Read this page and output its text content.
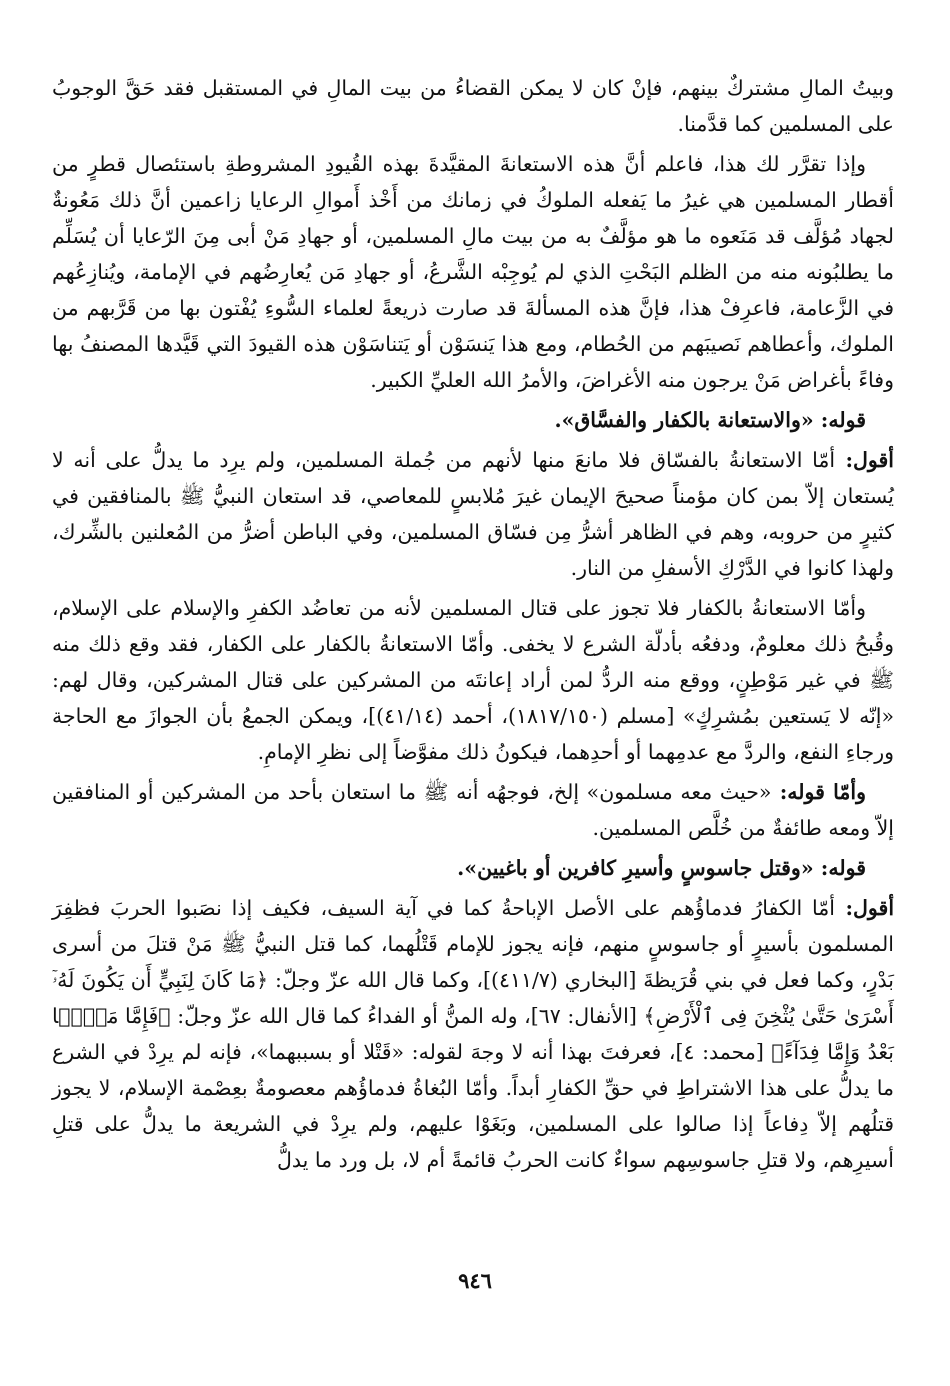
وبيتُ المالِ مشتركٌ بينهم، فإنْ كان لا يمكن القضاءُ من بيت المالِ في المستقبل فقد حَقَّ الوجوبُ على المسلمين كما قدَّمنا.

وإذا تقرَّر لك هذا، فاعلم أنَّ هذه الاستعانةَ المقيَّدةَ بهذه القُيودِ المشروطةِ باستئصال قطرٍ من أقطار المسلمين هي غيرُ ما يَفعله الملوكُ في زمانك من أَخْذ أَموالِ الرعايا زاعمين أنَّ ذلك مَعُونةٌ لجهاد مُؤلَّف قد مَنَعوه ما هو مؤلَّفٌ به من بيت مالِ المسلمين، أو جهادِ مَنْ أبى مِنَ الرّعايا أن يُسَلِّم ما يطلبُونه منه من الظلم البَحْتِ الذي لم يُوجِبْه الشَّرعُ، أو جهادِ مَن يُعارِضُهم في الإمامة، ويُنازِعُهم في الزَّعامة، فاعرِفْ هذا، فإنَّ هذه المسألةَ قد صارت ذريعةً لعلماء السُّوءِ يُفْتون بها من قَرَّبهم من الملوك، وأعطاهم نَصيبَهم من الحُطام، ومع هذا يَنسَوْن أو يَتناسَوْن هذه القيودَ التي قَيَّدها المصنفُ بها وفاءً بأغراض مَنْ يرجون منه الأغراضَ، والأمرُ الله العليِّ الكبير.

قوله: «والاستعانة بالكفار والفسَّاق».

أقول: أمّا الاستعانةُ بالفسّاق فلا مانعَ منها لأنهم من جُملة المسلمين، ولم يرِد ما يدلُّ على أنه لا يُستعان إلاّ بمن كان مؤمناً صحيحَ الإيمان غيرَ مُلابسٍ للمعاصي، قد استعان النبيُّ ﷺ بالمنافقين في كثيرٍ من حروبه، وهم في الظاهر أشرُّ مِن فسّاق المسلمين، وفي الباطن أضرُّ من المُعلنين بالشِّرك، ولهذا كانوا في الدَّرْكِ الأسفلِ من النار.

وأمّا الاستعانةُ بالكفار فلا تجوز على قتال المسلمين لأنه من تعاضُد الكفرِ والإسلام على الإسلام، وقُبحُ ذلك معلومٌ، ودفعُه بأدلّة الشرع لا يخفى. وأمّا الاستعانةُ بالكفار على الكفار، فقد وقع ذلك منه ﷺ في غير مَوْطِنٍ، ووقع منه الردُّ لمن أراد إعانتَه من المشركين على قتال المشركين، وقال لهم: «إنّه لا يَستعين بمُشرِكٍ» [مسلم (١٨١٧/١٥٠)، أحمد (٤١/١٤)]، ويمكن الجمعُ بأن الجوازَ مع الحاجة ورجاءِ النفع، والردَّ مع عدمِهما أو أحدِهما، فيكونُ ذلك مفوَّضاً إلى نظرِ الإمامِ.

وأمّا قوله: «حيث معه مسلمون» إلخ، فوجهُه أنه ﷺ ما استعان بأحد من المشركين أو المنافقين إلاّ ومعه طائفةٌ من خُلَّص المسلمين.

قوله: «وقتل جاسوسٍ وأسيرِ كافرين أو باغيين».

أقول: أمّا الكفارُ فدماؤُهم على الأصل الإباحةُ كما في آية السيف، فكيف إذا نصَبوا الحربَ فظفِرَ المسلمون بأسيرٍ أو جاسوسٍ منهم، فإنه يجوز للإمام قَتْلُهما، كما قتل النبيُّ ﷺ مَنْ قتلَ من أسرى بَدْرٍ، وكما فعل في بني قُرَيظةَ [البخاري (٤١١/٧)]، وكما قال الله عزّ وجلّ: ﴿مَا كَانَ لِنَبِيٍّ أَن يَكُونَ لَهُۥٓ أَسْرَىٰ حَتَّىٰ يُثْخِنَ فِى ٱلْأَرْضِ﴾ [الأنفال: ٦٧]، وله المنُّ أو الفداءُ كما قال الله عزّ وجلّ: ﴿فَإِمَّا مَنًّۢا بَعْدُ وَإِمَّا فِدَآءً﴾ [محمد: ٤]، فعرفتَ بهذا أنه لا وجهَ لقوله: «قَتْلا أو بسببهما»، فإنه لم يرِدْ في الشرع ما يدلُّ على هذا الاشتراطِ في حقِّ الكفارِ أبداً. وأمّا البُغاةُ فدماؤُهم معصومةٌ بعِصْمة الإسلام، لا يجوز قتلُهم إلاّ دِفاعاً إذا صالوا على المسلمين، وبَغَوْا عليهم، ولم يرِدْ في الشريعة ما يدلُّ على قتلِ أسيرِهم، ولا قتلِ جاسوسِهم سواءٌ كانت الحربُ قائمةً أم لا، بل ورد ما يدلُّ

٩٤٦
